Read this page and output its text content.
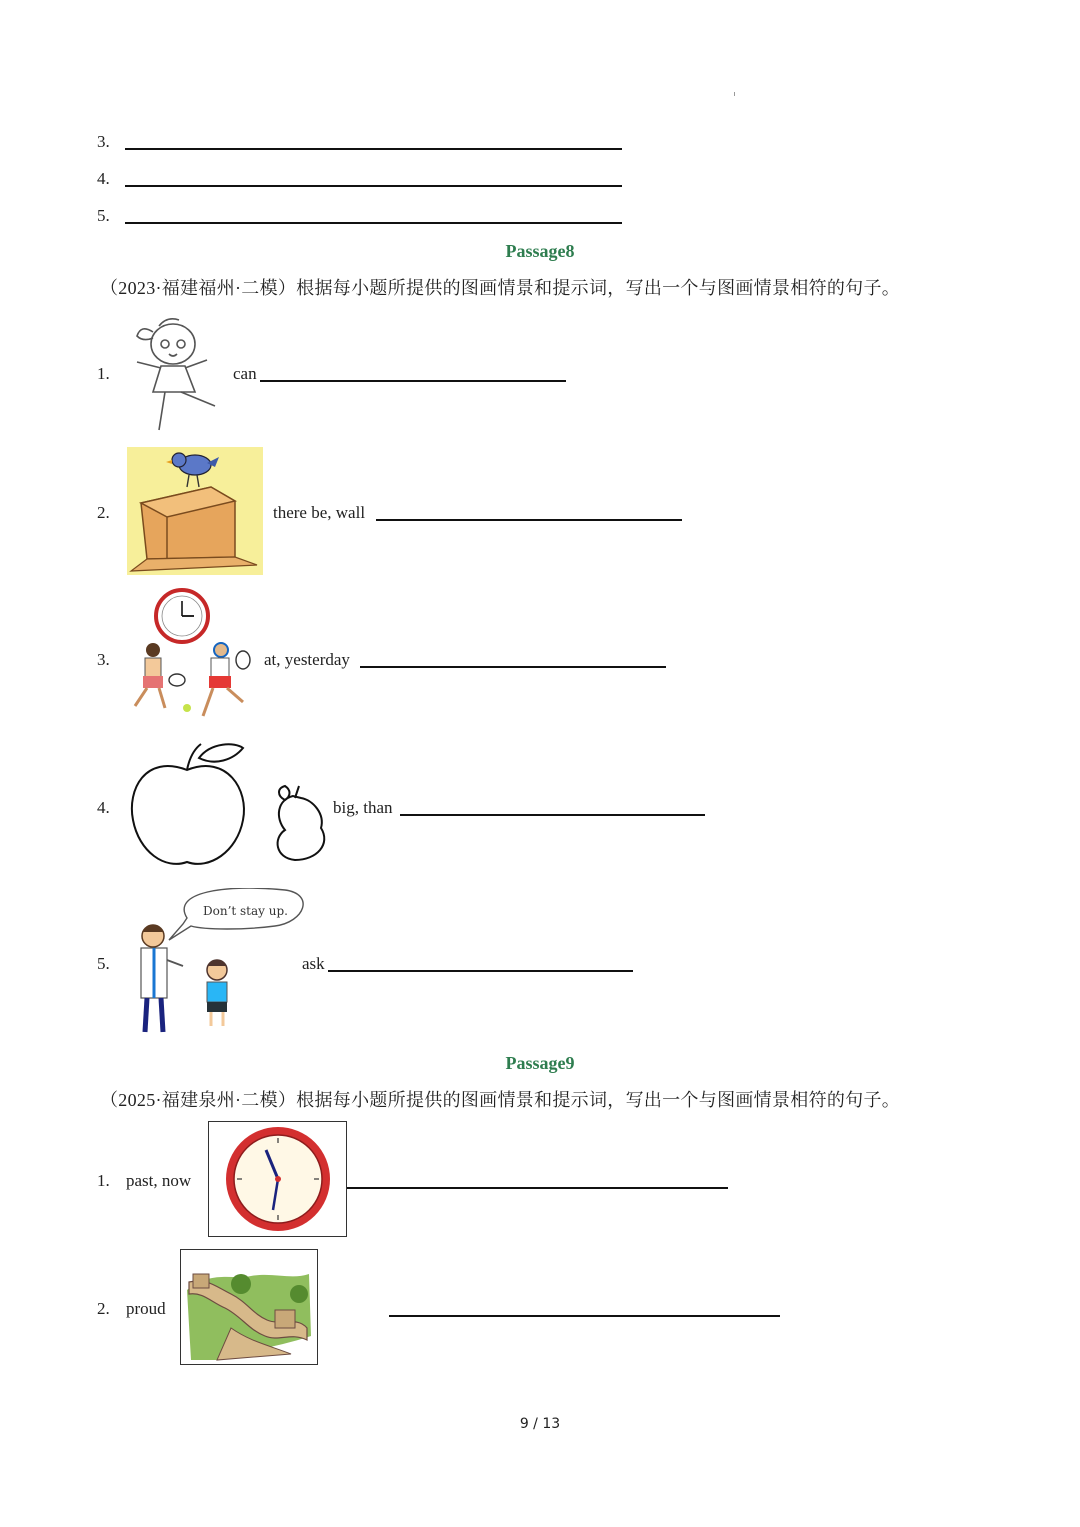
3.
4.
5.
Passage8
（2023·福建福州·二模）根据每小题所提供的图画情景和提示词，写出一个与图画情景相符的句子。
1.	can
2.	there be, wall
3.	at, yesterday
4.	big, than
5.
Don’t stay up.
ask
Passage9
（2025·福建泉州·二模）根据每小题所提供的图画情景和提示词，写出一个与图画情景相符的句子。
1. past, now
2. proud
9 / 13
